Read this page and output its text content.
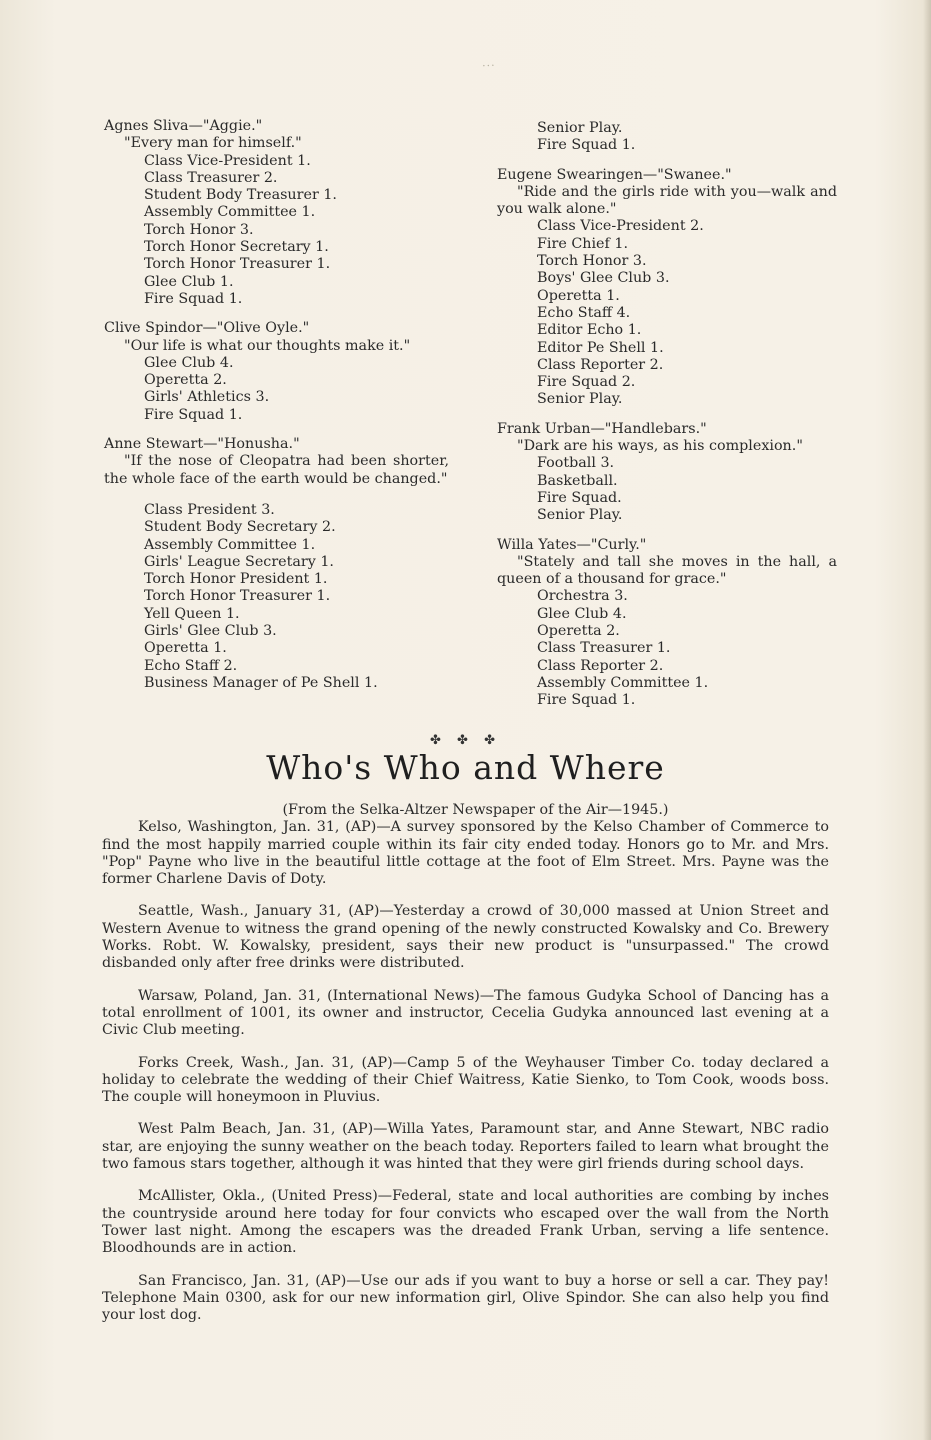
...
Agnes Sliva—"Aggie."
"Every man for himself."
Class Vice-President 1.
Class Treasurer 2.
Student Body Treasurer 1.
Assembly Committee 1.
Torch Honor 3.
Torch Honor Secretary 1.
Torch Honor Treasurer 1.
Glee Club 1.
Fire Squad 1.
Clive Spindor—"Olive Oyle."
"Our life is what our thoughts make it."
Glee Club 4.
Operetta 2.
Girls' Athletics 3.
Fire Squad 1.
Anne Stewart—"Honusha."
"If the nose of Cleopatra had been shorter, the whole face of the earth would be changed."
Class President 3.
Student Body Secretary 2.
Assembly Committee 1.
Girls' League Secretary 1.
Torch Honor President 1.
Torch Honor Treasurer 1.
Yell Queen 1.
Girls' Glee Club 3.
Operetta 1.
Echo Staff 2.
Business Manager of Pe Shell 1.
Senior Play.
Fire Squad 1.
Eugene Swearingen—"Swanee."
"Ride and the girls ride with you—walk and you walk alone."
Class Vice-President 2.
Fire Chief 1.
Torch Honor 3.
Boys' Glee Club 3.
Operetta 1.
Echo Staff 4.
Editor Echo 1.
Editor Pe Shell 1.
Class Reporter 2.
Fire Squad 2.
Senior Play.
Frank Urban—"Handlebars."
"Dark are his ways, as his complexion."
Football 3.
Basketball.
Fire Squad.
Senior Play.
Willa Yates—"Curly."
"Stately and tall she moves in the hall, a queen of a thousand for grace."
Orchestra 3.
Glee Club 4.
Operetta 2.
Class Treasurer 1.
Class Reporter 2.
Assembly Committee 1.
Fire Squad 1.
✤ ✤ ✤
Who's Who and Where
(From the Selka-Altzer Newspaper of the Air—1945.)

Kelso, Washington, Jan. 31, (AP)—A survey sponsored by the Kelso Chamber of Commerce to find the most happily married couple within its fair city ended today. Honors go to Mr. and Mrs. "Pop" Payne who live in the beautiful little cottage at the foot of Elm Street. Mrs. Payne was the former Charlene Davis of Doty.

Seattle, Wash., January 31, (AP)—Yesterday a crowd of 30,000 massed at Union Street and Western Avenue to witness the grand opening of the newly constructed Kowalsky and Co. Brewery Works. Robt. W. Kowalsky, president, says their new product is "unsurpassed." The crowd disbanded only after free drinks were distributed.

Warsaw, Poland, Jan. 31, (International News)—The famous Gudyka School of Dancing has a total enrollment of 1001, its owner and instructor, Cecelia Gudyka announced last evening at a Civic Club meeting.

Forks Creek, Wash., Jan. 31, (AP)—Camp 5 of the Weyhauser Timber Co. today declared a holiday to celebrate the wedding of their Chief Waitress, Katie Sienko, to Tom Cook, woods boss. The couple will honeymoon in Pluvius.

West Palm Beach, Jan. 31, (AP)—Willa Yates, Paramount star, and Anne Stewart, NBC radio star, are enjoying the sunny weather on the beach today. Reporters failed to learn what brought the two famous stars together, although it was hinted that they were girl friends during school days.

McAllister, Okla., (United Press)—Federal, state and local authorities are combing by inches the countryside around here today for four convicts who escaped over the wall from the North Tower last night. Among the escapers was the dreaded Frank Urban, serving a life sentence. Bloodhounds are in action.

San Francisco, Jan. 31, (AP)—Use our ads if you want to buy a horse or sell a car. They pay! Telephone Main 0300, ask for our new information girl, Olive Spindor. She can also help you find your lost dog.
